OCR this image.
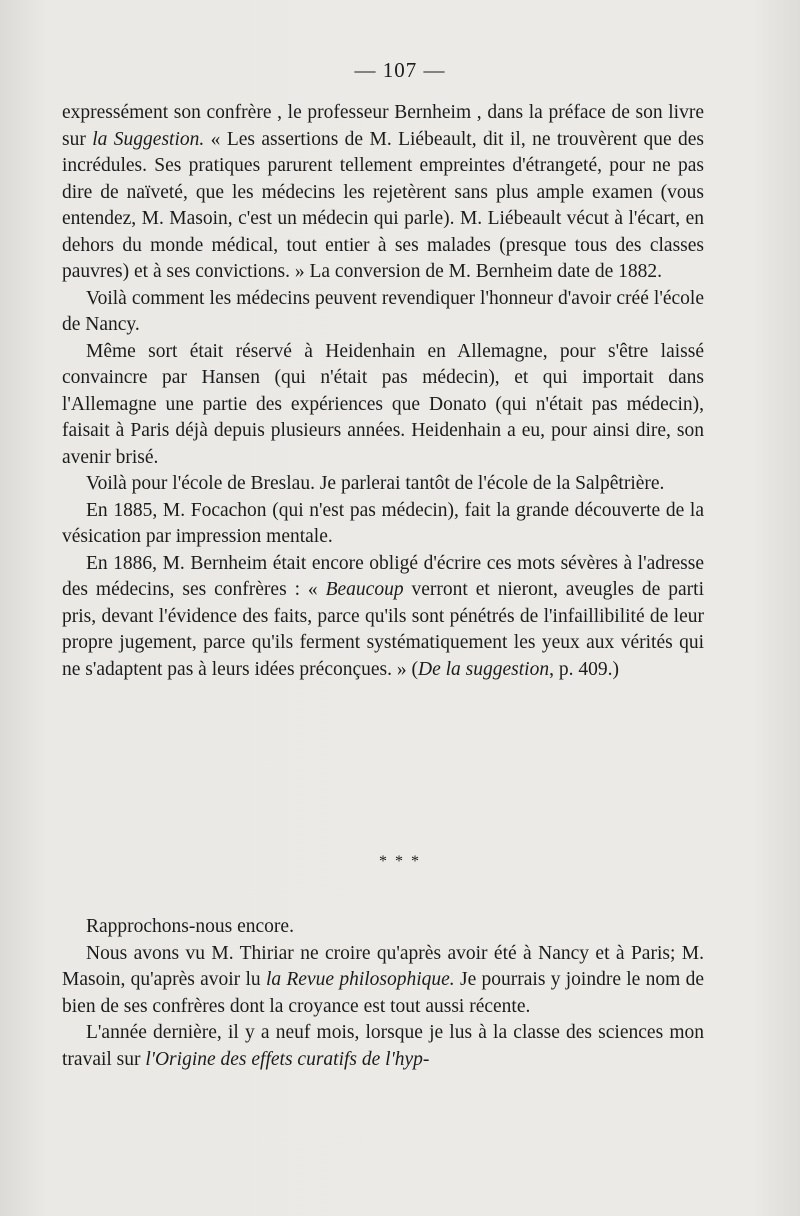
— 107 —

expressément son confrère , le professeur Bernheim , dans la préface de son livre sur la Suggestion. « Les assertions de M. Liébeault, dit il, ne trouvèrent que des incrédules. Ses pratiques parurent tellement empreintes d'étrangeté, pour ne pas dire de naïveté, que les médecins les rejetèrent sans plus ample examen (vous entendez, M. Masoin, c'est un médecin qui parle). M. Liébeault vécut à l'écart, en dehors du monde médical, tout entier à ses malades (presque tous des classes pauvres) et à ses convictions. » La conversion de M. Bernheim date de 1882.

Voilà comment les médecins peuvent revendiquer l'honneur d'avoir créé l'école de Nancy.

Même sort était réservé à Heidenhain en Allemagne, pour s'être laissé convaincre par Hansen (qui n'était pas médecin), et qui importait dans l'Allemagne une partie des expériences que Donato (qui n'était pas médecin), faisait à Paris déjà depuis plusieurs années. Heidenhain a eu, pour ainsi dire, son avenir brisé.

Voilà pour l'école de Breslau. Je parlerai tantôt de l'école de la Salpêtrière.

En 1885, M. Focachon (qui n'est pas médecin), fait la grande découverte de la vésication par impression mentale.

En 1886, M. Bernheim était encore obligé d'écrire ces mots sévères à l'adresse des médecins, ses confrères : « Beaucoup verront et nieront, aveugles de parti pris, devant l'évidence des faits, parce qu'ils sont pénétrés de l'infaillibilité de leur propre jugement, parce qu'ils ferment systématiquement les yeux aux vérités qui ne s'adaptent pas à leurs idées préconçues. » (De la suggestion, p. 409.)

* * *

Rapprochons-nous encore.

Nous avons vu M. Thiriar ne croire qu'après avoir été à Nancy et à Paris; M. Masoin, qu'après avoir lu la Revue philosophique. Je pourrais y joindre le nom de bien de ses confrères dont la croyance est tout aussi récente.

L'année dernière, il y a neuf mois, lorsque je lus à la classe des sciences mon travail sur l'Origine des effets curatifs de l'hyp-
